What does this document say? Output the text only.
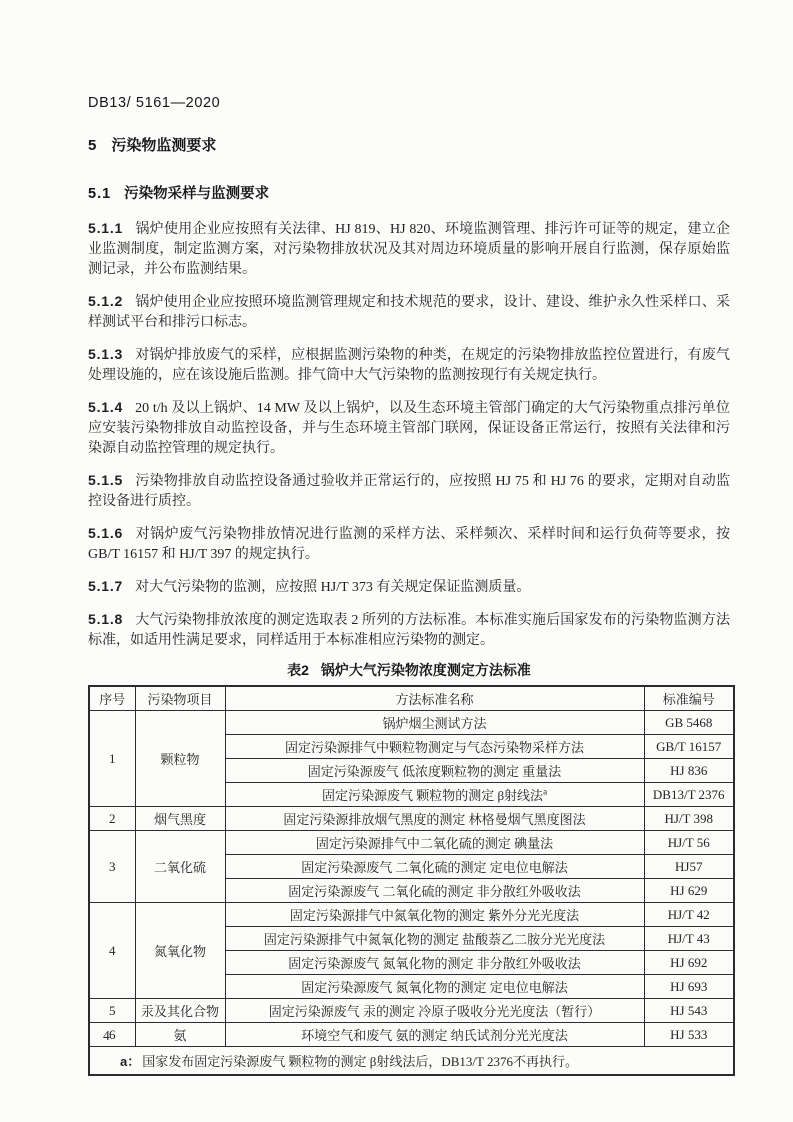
DB13/ 5161—2020
5 污染物监测要求
5.1 污染物采样与监测要求

5.1.1 锅炉使用企业应按照有关法律、HJ 819、HJ 820、环境监测管理、排污许可证等的规定，建立企业监测制度，制定监测方案，对污染物排放状况及其对周边环境质量的影响开展自行监测，保存原始监测记录，并公布监测结果。

5.1.2 锅炉使用企业应按照环境监测管理规定和技术规范的要求，设计、建设、维护永久性采样口、采样测试平台和排污口标志。

5.1.3 对锅炉排放废气的采样，应根据监测污染物的种类，在规定的污染物排放监控位置进行，有废气处理设施的，应在该设施后监测。排气筒中大气污染物的监测按现行有关规定执行。

5.1.4 20 t/h 及以上锅炉、14 MW 及以上锅炉，以及生态环境主管部门确定的大气污染物重点排污单位应安装污染物排放自动监控设备，并与生态环境主管部门联网，保证设备正常运行，按照有关法律和污染源自动监控管理的规定执行。

5.1.5 污染物排放自动监控设备通过验收并正常运行的，应按照 HJ 75 和 HJ 76 的要求，定期对自动监控设备进行质控。

5.1.6 对锅炉废气污染物排放情况进行监测的采样方法、采样频次、采样时间和运行负荷等要求，按GB/T 16157 和 HJ/T 397 的规定执行。

5.1.7 对大气污染物的监测，应按照 HJ/T 373 有关规定保证监测质量。

5.1.8 大气污染物排放浓度的测定选取表 2 所列的方法标准。本标准实施后国家发布的污染物监测方法标准，如适用性满足要求，同样适用于本标准相应污染物的测定。

表2 锅炉大气污染物浓度测定方法标准
序号	污染物项目	方法标准名称	标准编号
1	颗粒物	锅炉烟尘测试方法	GB 5468
		固定污染源排气中颗粒物测定与气态污染物采样方法	GB/T 16157
		固定污染源废气 低浓度颗粒物的测定 重量法	HJ 836
		固定污染源废气 颗粒物的测定 β射线法$^a$	DB13/T 2376
2	烟气黑度	固定污染源排放烟气黑度的测定 林格曼烟气黑度图法	HJ/T 398
3	二氧化硫	固定污染源排气中二氧化硫的测定 碘量法	HJ/T 56
		固定污染源废气 二氧化硫的测定 定电位电解法	HJ57
		固定污染源废气 二氧化硫的测定 非分散红外吸收法	HJ 629
4	氮氧化物	固定污染源排气中氮氧化物的测定 紫外分光光度法	HJ/T 42
		固定污染源排气中氮氧化物的测定 盐酸萘乙二胺分光光度法	HJ/T 43
		固定污染源废气 氮氧化物的测定 非分散红外吸收法	HJ 692
		固定污染源废气 氮氧化物的测定 定电位电解法	HJ 693
5	汞及其化合物	固定污染源废气 汞的测定 冷原子吸收分光光度法（暂行）	HJ 543
6	氨	环境空气和废气 氨的测定 纳氏试剂分光光度法	HJ 533
a： 国家发布固定污染源废气 颗粒物的测定 β射线法后，DB13/T 2376不再执行。			
4
